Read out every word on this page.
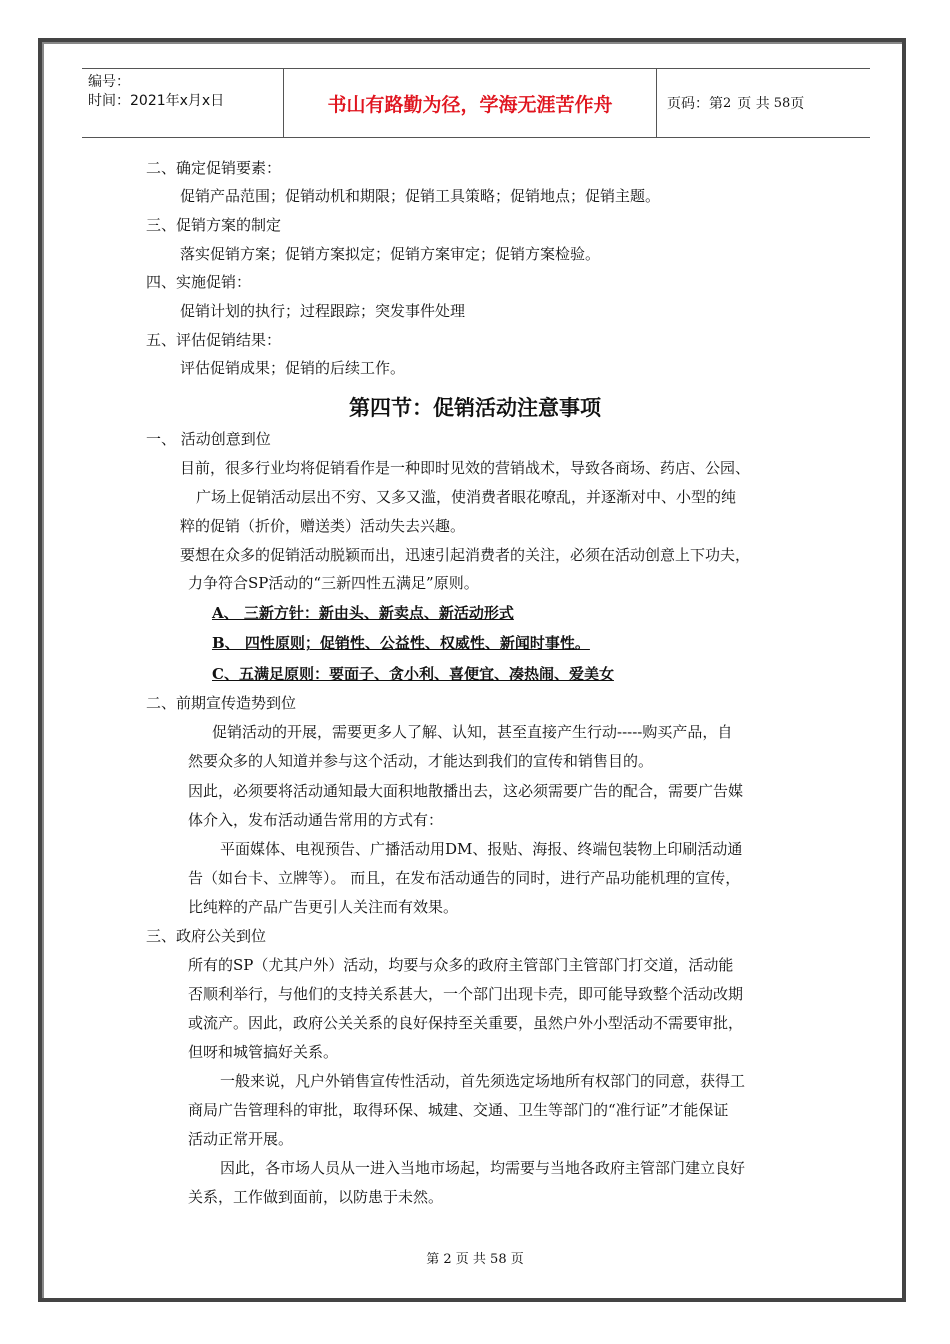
编号：
时间：2021年x月x日	书山有路勤为径，学海无涯苦作舟	页码：第 2 页 共 58 页
二、确定促销要素：
促销产品范围；促销动机和期限；促销工具策略；促销地点；促销主题。
三、促销方案的制定
落实促销方案；促销方案拟定；促销方案审定；促销方案检验。
四、实施促销：
促销计划的执行；过程跟踪；突发事件处理
五、评估促销结果：
评估促销成果；促销的后续工作。
第四节：促销活动注意事项
一、 活动创意到位
目前，很多行业均将促销看作是一种即时见效的营销战术，导致各商场、药店、公园、
广场上促销活动层出不穷、又多又滥，使消费者眼花嘹乱，并逐渐对中、小型的纯
粹的促销（折价，赠送类）活动失去兴趣。
要想在众多的促销活动脱颖而出，迅速引起消费者的关注，必须在活动创意上下功夫，
力争符合SP活动的“三新四性五满足”原则。
A、 三新方针：新由头、新卖点、新活动形式
B、 四性原则；促销性、公益性、权威性、新闻时事性。
C、五满足原则：要面子、贪小利、喜便宜、凑热闹、爱美女
二、前期宣传造势到位
促销活动的开展，需要更多人了解、认知，甚至直接产生行动-----购买产品，自
然要众多的人知道并参与这个活动，才能达到我们的宣传和销售目的。
因此，必须要将活动通知最大面积地散播出去，这必须需要广告的配合，需要广告媒
体介入，发布活动通告常用的方式有：
平面媒体、电视预告、广播活动用DM、报贴、海报、终端包装物上印刷活动通
告（如台卡、立牌等）。 而且，在发布活动通告的同时，进行产品功能机理的宣传，
比纯粹的产品广告更引人关注而有效果。
三、政府公关到位
所有的SP（尤其户外）活动，均要与众多的政府主管部门主管部门打交道，活动能
否顺利举行，与他们的支持关系甚大，一个部门出现卡壳，即可能导致整个活动改期
或流产。因此，政府公关关系的良好保持至关重要，虽然户外小型活动不需要审批，
但呀和城管搞好关系。
一般来说，凡户外销售宣传性活动，首先须选定场地所有权部门的同意，获得工
商局广告管理科的审批，取得环保、城建、交通、卫生等部门的“准行证”才能保证
活动正常开展。
因此，各市场人员从一进入当地市场起，均需要与当地各政府主管部门建立良好
关系，工作做到面前，以防患于未然。
第 2 页 共 58 页
